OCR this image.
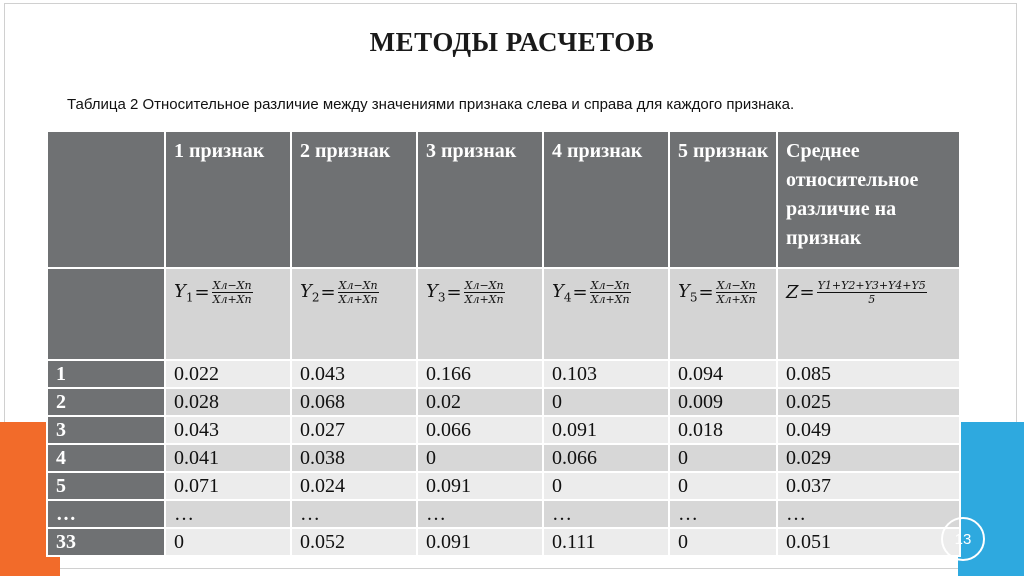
МЕТОДЫ РАСЧЕТОВ
Таблица 2 Относительное различие между значениями признака слева и справа для каждого признака.
	1 признак	2 признак	3 признак	4 признак	5 признак	Среднее относительное различие на признак

	$Y_1 = \frac{Xл-Xп}{Xл+Xп}$	$Y_2 = \frac{Xл-Xп}{Xл+Xп}$	$Y_3 = \frac{Xл-Xп}{Xл+Xп}$	$Y_4 = \frac{Xл-Xп}{Xл+Xп}$	$Y_5 = \frac{Xл-Xп}{Xл+Xп}$	$Z = \frac{Y1+Y2+Y3+Y4+Y5}{5}$

1	0.022	0.043	0.166	0.103	0.094	0.085
2	0.028	0.068	0.02	0	0.009	0.025
3	0.043	0.027	0.066	0.091	0.018	0.049
4	0.041	0.038	0	0.066	0	0.029
5	0.071	0.024	0.091	0	0	0.037
…	…	…	…	…	…	…
33	0	0.052	0.091	0.111	0	0.051	13
